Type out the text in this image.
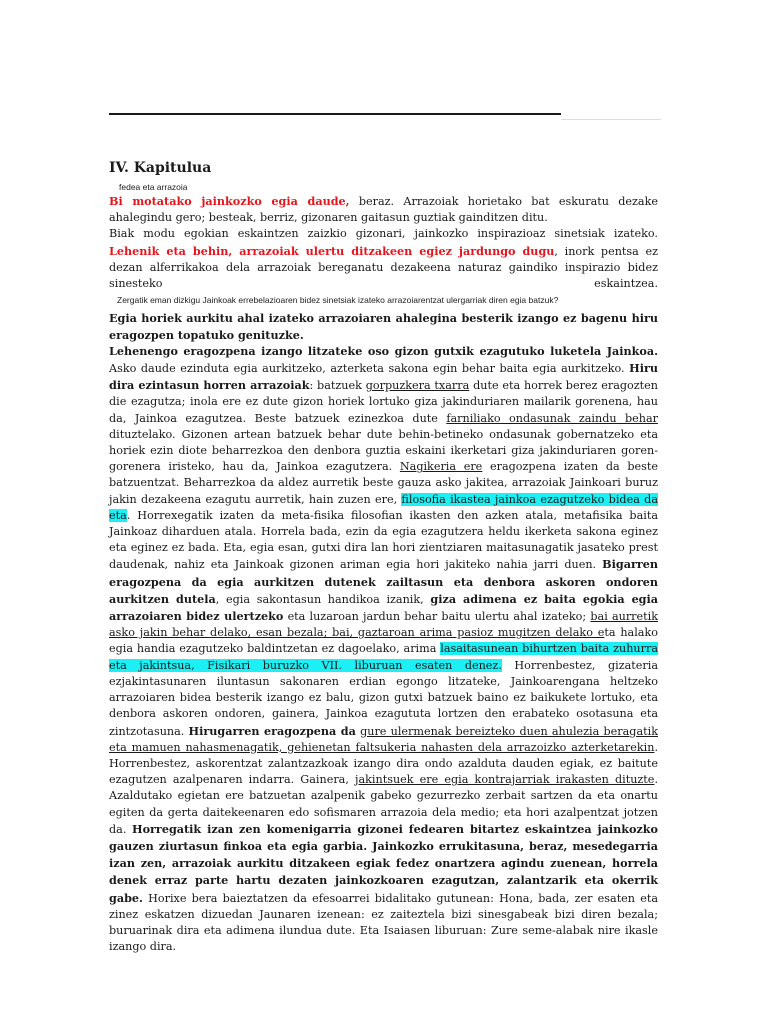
IV. Kapitulua
fedea eta arrazoia

Bi motatako jainkozko egia daude, beraz. Arrazoiak horietako bat eskuratu dezake ahalegindu gero; besteak, berriz, gizonaren gaitasun guztiak gainditzen ditu.

Biak modu egokian eskaintzen zaizkio gizonari, jainkozko inspirazioaz sinetsiak izateko. Lehenik eta behin, arrazoiak ulertu ditzakeen egiez jardungo dugu, inork pentsa ez dezan alferrikakoa dela arrazoiak bereganatu dezakeena naturaz gaindiko inspirazio bidez sinesteko eskaintzea.Zergatik eman dizkigu Jainkoak errebelazioaren bidez sinetsiak izateko arrazoiarentzat ulergarriak diren egia batzuk?

Egia horiek aurkitu ahal izateko arrazoiaren ahalegina besterik izango ez bagenu hiru eragozpen topatuko genituzke.

Lehenengo eragozpena izango litzateke oso gizon gutxik ezagutuko luketela Jainkoa. Asko daude ezinduta egia aurkitzeko, azterketa sakona egin behar baita egia aurkitzeko. Hiru dira ezintasun horren arrazoiak: batzuek gorpuzkera txarra dute eta horrek berez eragozten die ezagutza; inola ere ez dute gizon horiek lortuko giza jakinduriaren mailarik gorenena, hau da, Jainkoa ezagutzea. Beste batzuek ezinezkoa dute farniliako ondasunak zaindu behar dituztelako. Gizonen artean batzuek behar dute behin-betineko ondasunak gobernatzeko eta horiek ezin diote beharrezkoa den denbora guztia eskaini ikerketari giza jakinduriaren goren-gorenera iristeko, hau da, Jainkoa ezagutzera. Nagikeria ere eragozpena izaten da beste batzuentzat. Beharrezkoa da aldez aurretik beste gauza asko jakitea, arrazoiak Jainkoari buruz jakin dezakeena ezagutu aurretik, hain zuzen ere, filosofia ikastea jainkoa ezagutzeko bidea da eta. Horrexegatik izaten da meta-fisika filosofian ikasten den azken atala, metafisika baita Jainkoaz diharduen atala. Horrela bada, ezin da egia ezagutzera heldu ikerketa sakona eginez eta eginez ez bada. Eta, egia esan, gutxi dira lan hori zientziaren maitasunagatik jasateko prest daudenak, nahiz eta Jainkoak gizonen ariman egia hori jakiteko nahia jarri duen. Bigarren eragozpena da egia aurkitzen dutenek zailtasun eta denbora askoren ondoren aurkitzen dutela, egia sakontasun handikoa izanik, giza adimena ez baita egokia egia arrazoiaren bidez ulertzeko eta luzaroan jardun behar baitu ulertu ahal izateko; bai aurretik asko jakin behar delako, esan bezala; bai, gaztaroan arima pasioz mugitzen delako eta halako egia handia ezagutzeko baldintzetan ez dagoelako, arima lasaitasunean bihurtzen baita zuhurra eta jakintsua, Fisikari buruzko VII. liburuan esaten denez. Horrenbestez, gizateria ezjakintasunaren iluntasun sakonaren erdian egongo litzateke, Jainkoarengana heltzeko arrazoiaren bidea besterik izango ez balu, gizon gutxi batzuek baino ez baikukete lortuko, eta denbora askoren ondoren, gainera, Jainkoa ezagututa lortzen den erabateko osotasuna eta zintzotasuna. Hirugarren eragozpena da gure ulermenak bereizteko duen ahulezia beragatik eta mamuen nahasmenagatik, gehienetan faltsukeria nahasten dela arrazoizko azterketarekin. Horrenbestez, askorentzat zalantzazkoak izango dira ondo azalduta dauden egiak, ez baitute ezagutzen azalpenaren indarra. Gainera, jakintsuek ere egia kontrajarriak irakasten dituzte. Azaldutako egietan ere batzuetan azalpenik gabeko gezurrezko zerbait sartzen da eta onartu egiten da gerta daitekeenaren edo sofismaren arrazoia dela medio; eta hori azalpentzat jotzen da. Horregatik izan zen komenigarria gizonei fedearen bitartez eskaintzea jainkozko gauzen ziurtasun finkoa eta egia garbia. Jainkozko errukitasuna, beraz, mesedegarria izan zen, arrazoiak aurkitu ditzakeen egiak fedez onartzera agindu zuenean, horrela denek erraz parte hartu dezaten jainkozkoaren ezagutzan, zalantzarik eta okerrik gabe. Horixe bera baieztatzen da efesoarrei bidalitako gutunean: Hona, bada, zer esaten eta zinez eskatzen dizuedan Jaunaren izenean: ez zaiteztela bizi sinesgabeak bizi diren bezala; buruarinak dira eta adimena ilundua dute. Eta Isaiasen liburuan: Zure seme-alabak nire ikasle izango dira.
